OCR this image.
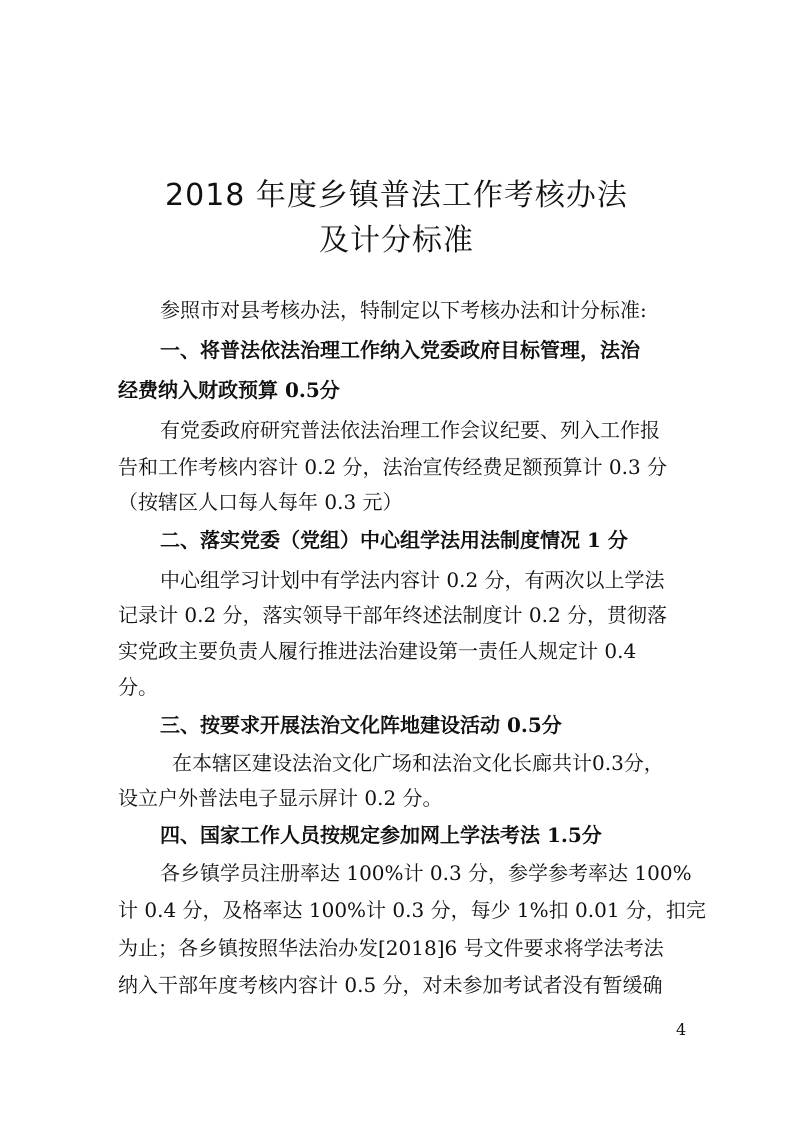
2018 年度乡镇普法工作考核办法
及计分标准
参照市对县考核办法，特制定以下考核办法和计分标准:
一、将普法依法治理工作纳入党委政府目标管理，法治
经费纳入财政预算 0.5分
有党委政府研究普法依法治理工作会议纪要、列入工作报
告和工作考核内容计 0.2 分，法治宣传经费足额预算计 0.3 分
（按辖区人口每人每年 0.3 元）
二、落实党委（党组）中心组学法用法制度情况 1 分
中心组学习计划中有学法内容计 0.2 分，有两次以上学法
记录计 0.2 分，落实领导干部年终述法制度计 0.2 分，贯彻落
实党政主要负责人履行推进法治建设第一责任人规定计 0.4
分。
三、按要求开展法治文化阵地建设活动 0.5分
在本辖区建设法治文化广场和法治文化长廊共计0.3分，
设立户外普法电子显示屏计 0.2 分。
四、国家工作人员按规定参加网上学法考法 1.5分
各乡镇学员注册率达 100%计 0.3 分，参学参考率达 100%
计 0.4 分，及格率达 100%计 0.3 分，每少 1%扣 0.01 分，扣完
为止；各乡镇按照华法治办发[2018]6 号文件要求将学法考法
纳入干部年度考核内容计 0.5 分，对未参加考试者没有暂缓确
4
